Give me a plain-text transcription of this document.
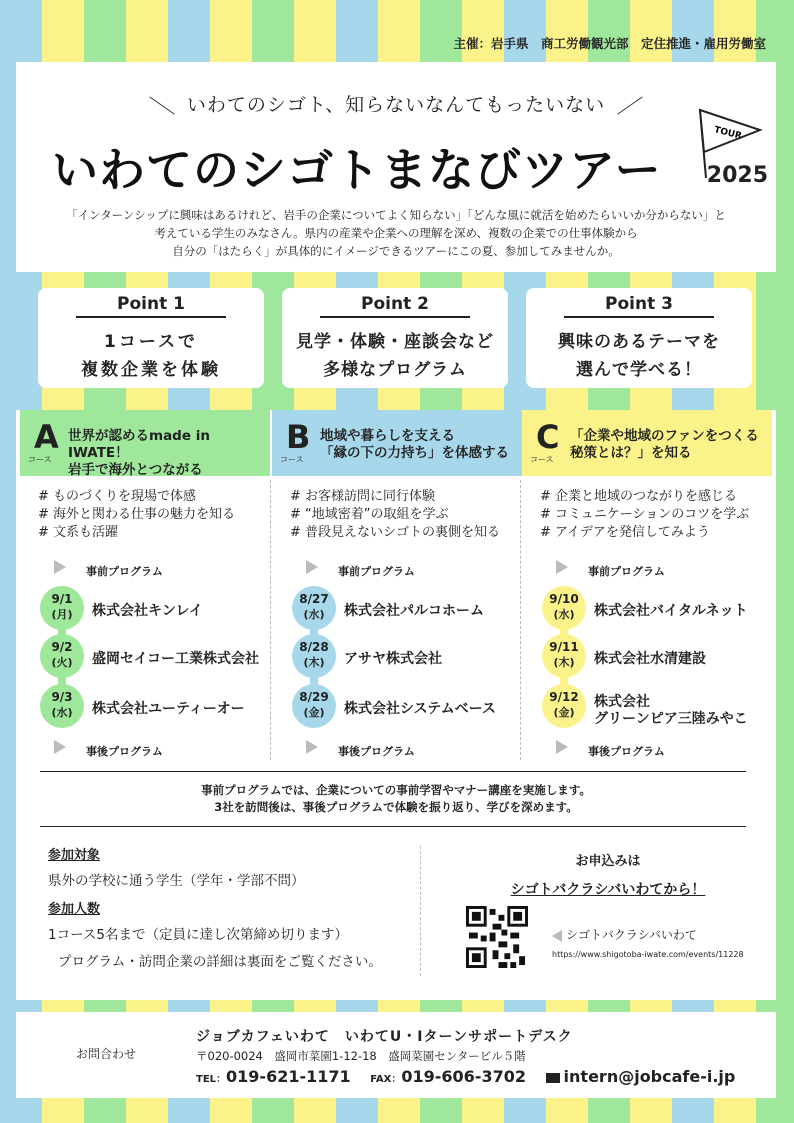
主催：岩手県　商工労働観光部　定住推進・雇用労働室
いわてのシゴト、知らないなんてもったいない
いわてのシゴトまなびツアー
TOUR
2025
「インターンシップに興味はあるけれど、岩手の企業についてよく知らない」「どんな風に就活を始めたらいいか分からない」と
考えている学生のみなさん。県内の産業や企業への理解を深め、複数の企業での仕事体験から
自分の「はたらく」が具体的にイメージできるツアーにこの夏、参加してみませんか。
Point 1
1コースで
複数企業を体験
Point 2
見学・体験・座談会など
多様なプログラム
Point 3
興味のあるテーマを
選んで学べる！
A
コース
世界が認めるmade in IWATE！
岩手で海外とつながる
# ものづくりを現場で体感
# 海外と関わる仕事の魅力を知る
# 文系も活躍
事前プログラム
9/1
(月)	株式会社キンレイ
9/2
(火)	盛岡セイコー工業株式会社
9/3
(水)	株式会社ユーティーオー
事後プログラム
B
コース
地域や暮らしを支える
「縁の下の力持ち」を体感する
# お客様訪問に同行体験
# “地域密着”の取組を学ぶ
# 普段見えないシゴトの裏側を知る
事前プログラム
8/27
(水)	株式会社パルコホーム
8/28
(木)	アサヤ株式会社
8/29
(金)	株式会社システムベース
事後プログラム
C
コース
「企業や地域のファンをつくる
秘策とは？」を知る
# 企業と地域のつながりを感じる
# コミュニケーションのコツを学ぶ
# アイデアを発信してみよう
事前プログラム
9/10
(水)	株式会社バイタルネット
9/11
(木)	株式会社水清建設
9/12
(金)
株式会社
グリーンピア三陸みやこ
事後プログラム
事前プログラムでは、企業についての事前学習やマナー講座を実施します。
3社を訪問後は、事後プログラムで体験を振り返り、学びを深めます。
参加対象
県外の学校に通う学生（学年・学部不問）
参加人数
1コース5名まで（定員に達し次第締め切ります）
プログラム・訪問企業の詳細は裏面をご覧ください。
お申込みは
シゴトバクラシバいわてから！
シゴトバクラシバいわて
https://www.shigotoba-iwate.com/events/11228
お問合わせ
ジョブカフェいわて　いわてU・Iターンサポートデスク
〒020-0024　盛岡市菜園1-12-18　盛岡菜園センタービル５階
TEL：019-621-1171 FAX：019-606-3702 intern@jobcafe-i.jp
